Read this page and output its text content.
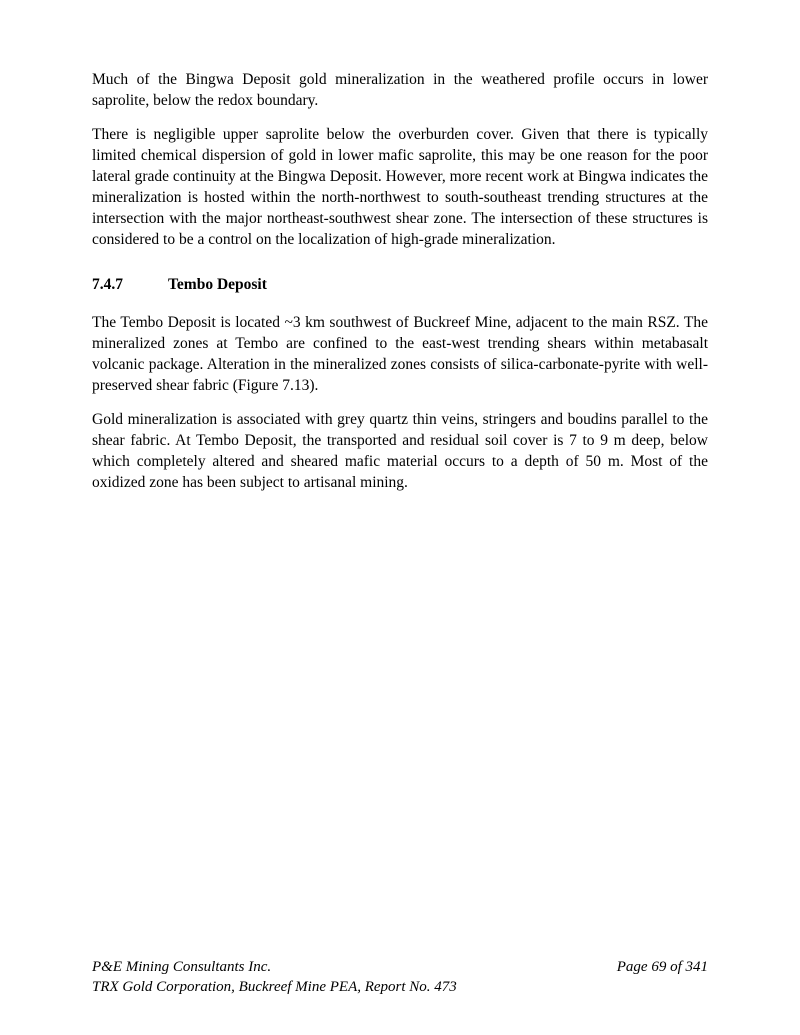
Much of the Bingwa Deposit gold mineralization in the weathered profile occurs in lower saprolite, below the redox boundary.

There is negligible upper saprolite below the overburden cover. Given that there is typically limited chemical dispersion of gold in lower mafic saprolite, this may be one reason for the poor lateral grade continuity at the Bingwa Deposit. However, more recent work at Bingwa indicates the mineralization is hosted within the north-northwest to south-southeast trending structures at the intersection with the major northeast-southwest shear zone. The intersection of these structures is considered to be a control on the localization of high-grade mineralization.

7.4.7	Tembo Deposit

The Tembo Deposit is located ~3 km southwest of Buckreef Mine, adjacent to the main RSZ. The mineralized zones at Tembo are confined to the east-west trending shears within metabasalt volcanic package. Alteration in the mineralized zones consists of silica-carbonate-pyrite with well-preserved shear fabric (Figure 7.13).

Gold mineralization is associated with grey quartz thin veins, stringers and boudins parallel to the shear fabric. At Tembo Deposit, the transported and residual soil cover is 7 to 9 m deep, below which completely altered and sheared mafic material occurs to a depth of 50 m. Most of the oxidized zone has been subject to artisanal mining.

P&E Mining Consultants Inc.
TRX Gold Corporation, Buckreef Mine PEA, Report No. 473
Page 69 of 341
